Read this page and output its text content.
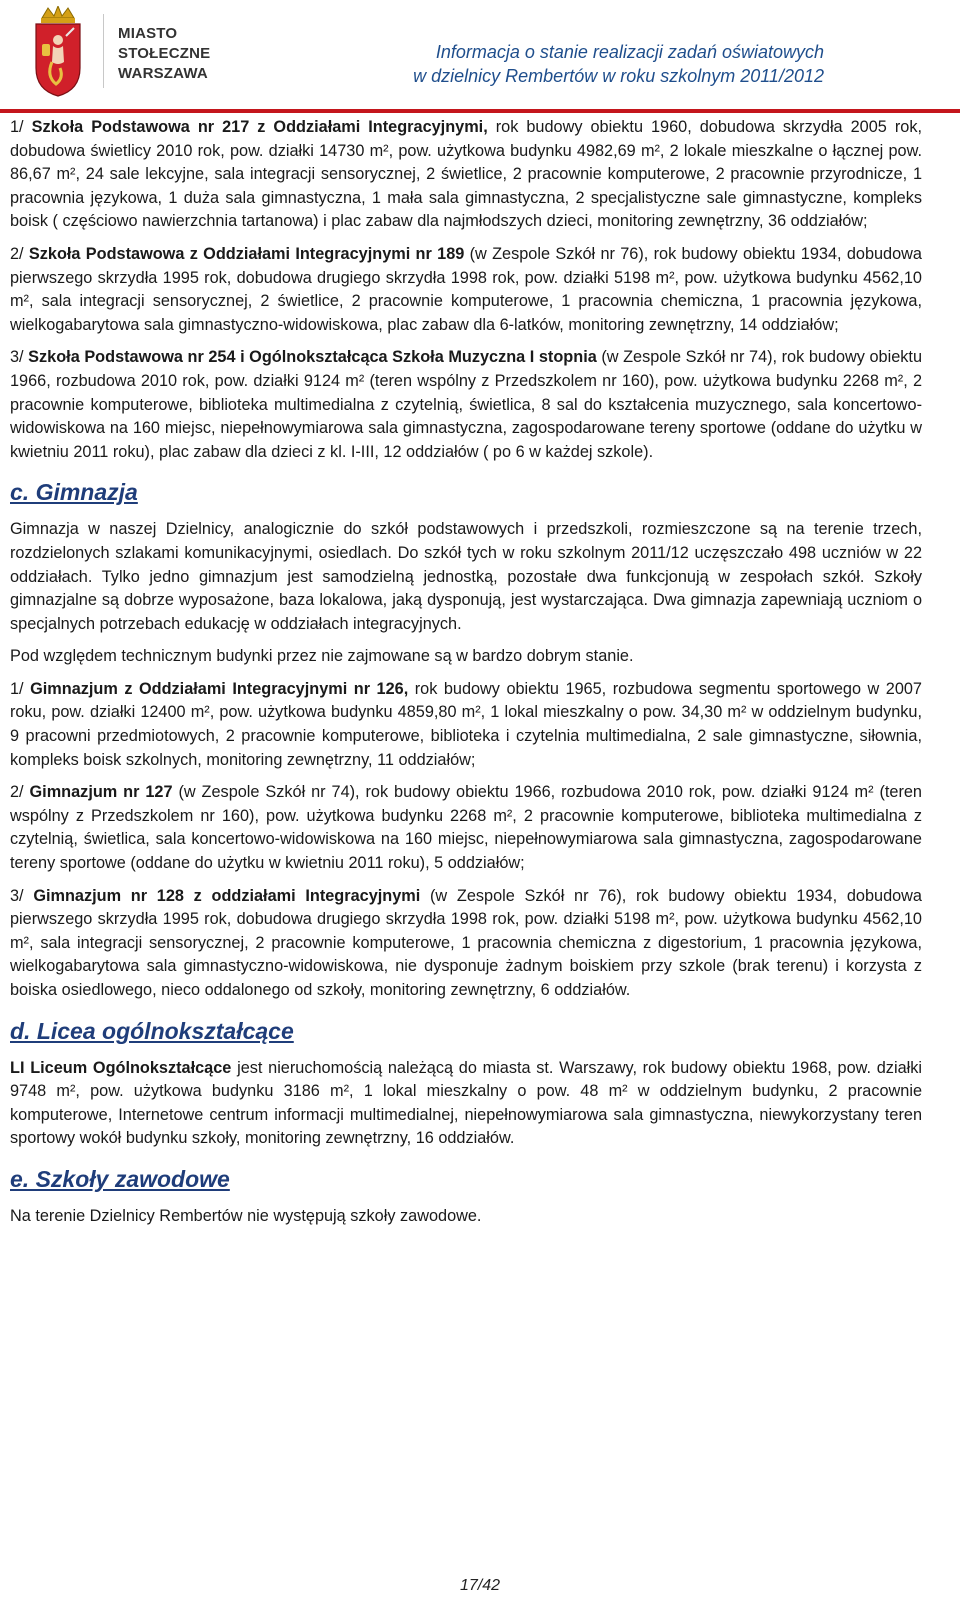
MIASTO
STOŁECZNE
WARSZAWA
Informacja o stanie realizacji zadań oświatowych
w dzielnicy Rembertów w roku szkolnym 2011/2012

1/ Szkoła Podstawowa nr 217 z Oddziałami Integracyjnymi, rok budowy obiektu 1960, dobudowa skrzydła 2005 rok, dobudowa świetlicy 2010 rok, pow. działki 14730 m², pow. użytkowa budynku 4982,69 m², 2 lokale mieszkalne o łącznej pow. 86,67 m², 24 sale lekcyjne, sala integracji sensorycznej, 2 świetlice, 2 pracownie komputerowe, 2 pracownie przyrodnicze, 1 pracownia językowa, 1 duża sala gimnastyczna, 1 mała sala gimnastyczna, 2 specjalistyczne sale gimnastyczne, kompleks boisk ( częściowo nawierzchnia tartanowa) i plac zabaw dla najmłodszych dzieci, monitoring zewnętrzny, 36 oddziałów;

2/ Szkoła Podstawowa z Oddziałami Integracyjnymi nr 189 (w Zespole Szkół nr 76), rok budowy obiektu 1934, dobudowa pierwszego skrzydła 1995 rok, dobudowa drugiego skrzydła 1998 rok, pow. działki 5198 m², pow. użytkowa budynku 4562,10 m², sala integracji sensorycznej, 2 świetlice, 2 pracownie komputerowe, 1 pracownia chemiczna, 1 pracownia językowa, wielkogabarytowa sala gimnastyczno-widowiskowa, plac zabaw dla 6-latków, monitoring zewnętrzny, 14 oddziałów;

3/ Szkoła Podstawowa nr 254 i Ogólnokształcąca Szkoła Muzyczna I stopnia (w Zespole Szkół nr 74), rok budowy obiektu 1966, rozbudowa 2010 rok, pow. działki 9124 m² (teren wspólny z Przedszkolem nr 160), pow. użytkowa budynku 2268 m², 2 pracownie komputerowe, biblioteka multimedialna z czytelnią, świetlica, 8 sal do kształcenia muzycznego, sala koncertowo-widowiskowa na 160 miejsc, niepełnowymiarowa sala gimnastyczna, zagospodarowane tereny sportowe (oddane do użytku w kwietniu 2011 roku), plac zabaw dla dzieci z kl. I-III, 12 oddziałów ( po 6 w każdej szkole).

c. Gimnazja

Gimnazja w naszej Dzielnicy, analogicznie do szkół podstawowych i przedszkoli, rozmieszczone są na terenie trzech, rozdzielonych szlakami komunikacyjnymi, osiedlach. Do szkół tych w roku szkolnym 2011/12 uczęszczało 498 uczniów w 22 oddziałach. Tylko jedno gimnazjum jest samodzielną jednostką, pozostałe dwa funkcjonują w zespołach szkół. Szkoły gimnazjalne są dobrze wyposażone, baza lokalowa, jaką dysponują, jest wystarczająca. Dwa gimnazja zapewniają uczniom o specjalnych potrzebach edukację w oddziałach integracyjnych.

Pod względem technicznym budynki przez nie zajmowane są w bardzo dobrym stanie.

1/ Gimnazjum z Oddziałami Integracyjnymi nr 126, rok budowy obiektu 1965, rozbudowa segmentu sportowego w 2007 roku, pow. działki 12400 m², pow. użytkowa budynku 4859,80 m², 1 lokal mieszkalny o pow. 34,30 m² w oddzielnym budynku, 9 pracowni przedmiotowych, 2 pracownie komputerowe, biblioteka i czytelnia multimedialna, 2 sale gimnastyczne, siłownia, kompleks boisk szkolnych, monitoring zewnętrzny, 11 oddziałów;

2/ Gimnazjum nr 127 (w Zespole Szkół nr 74), rok budowy obiektu 1966, rozbudowa 2010 rok, pow. działki 9124 m² (teren wspólny z Przedszkolem nr 160), pow. użytkowa budynku 2268 m², 2 pracownie komputerowe, biblioteka multimedialna z czytelnią, świetlica, sala koncertowo-widowiskowa na 160 miejsc, niepełnowymiarowa sala gimnastyczna, zagospodarowane tereny sportowe (oddane do użytku w kwietniu 2011 roku), 5 oddziałów;

3/ Gimnazjum nr 128 z oddziałami Integracyjnymi (w Zespole Szkół nr 76), rok budowy obiektu 1934, dobudowa pierwszego skrzydła 1995 rok, dobudowa drugiego skrzydła 1998 rok, pow. działki 5198 m², pow. użytkowa budynku 4562,10 m², sala integracji sensorycznej, 2 pracownie komputerowe, 1 pracownia chemiczna z digestorium, 1 pracownia językowa, wielkogabarytowa sala gimnastyczno-widowiskowa, nie dysponuje żadnym boiskiem przy szkole (brak terenu) i korzysta z boiska osiedlowego, nieco oddalonego od szkoły, monitoring zewnętrzny, 6 oddziałów.

d. Licea ogólnokształcące

LI Liceum Ogólnokształcące jest nieruchomością należącą do miasta st. Warszawy, rok budowy obiektu 1968, pow. działki 9748 m², pow. użytkowa budynku 3186 m², 1 lokal mieszkalny o pow. 48 m² w oddzielnym budynku, 2 pracownie komputerowe, Internetowe centrum informacji multimedialnej, niepełnowymiarowa sala gimnastyczna, niewykorzystany teren sportowy wokół budynku szkoły, monitoring zewnętrzny, 16 oddziałów.

e. Szkoły zawodowe

Na terenie Dzielnicy Rembertów nie występują szkoły zawodowe.

17/42
